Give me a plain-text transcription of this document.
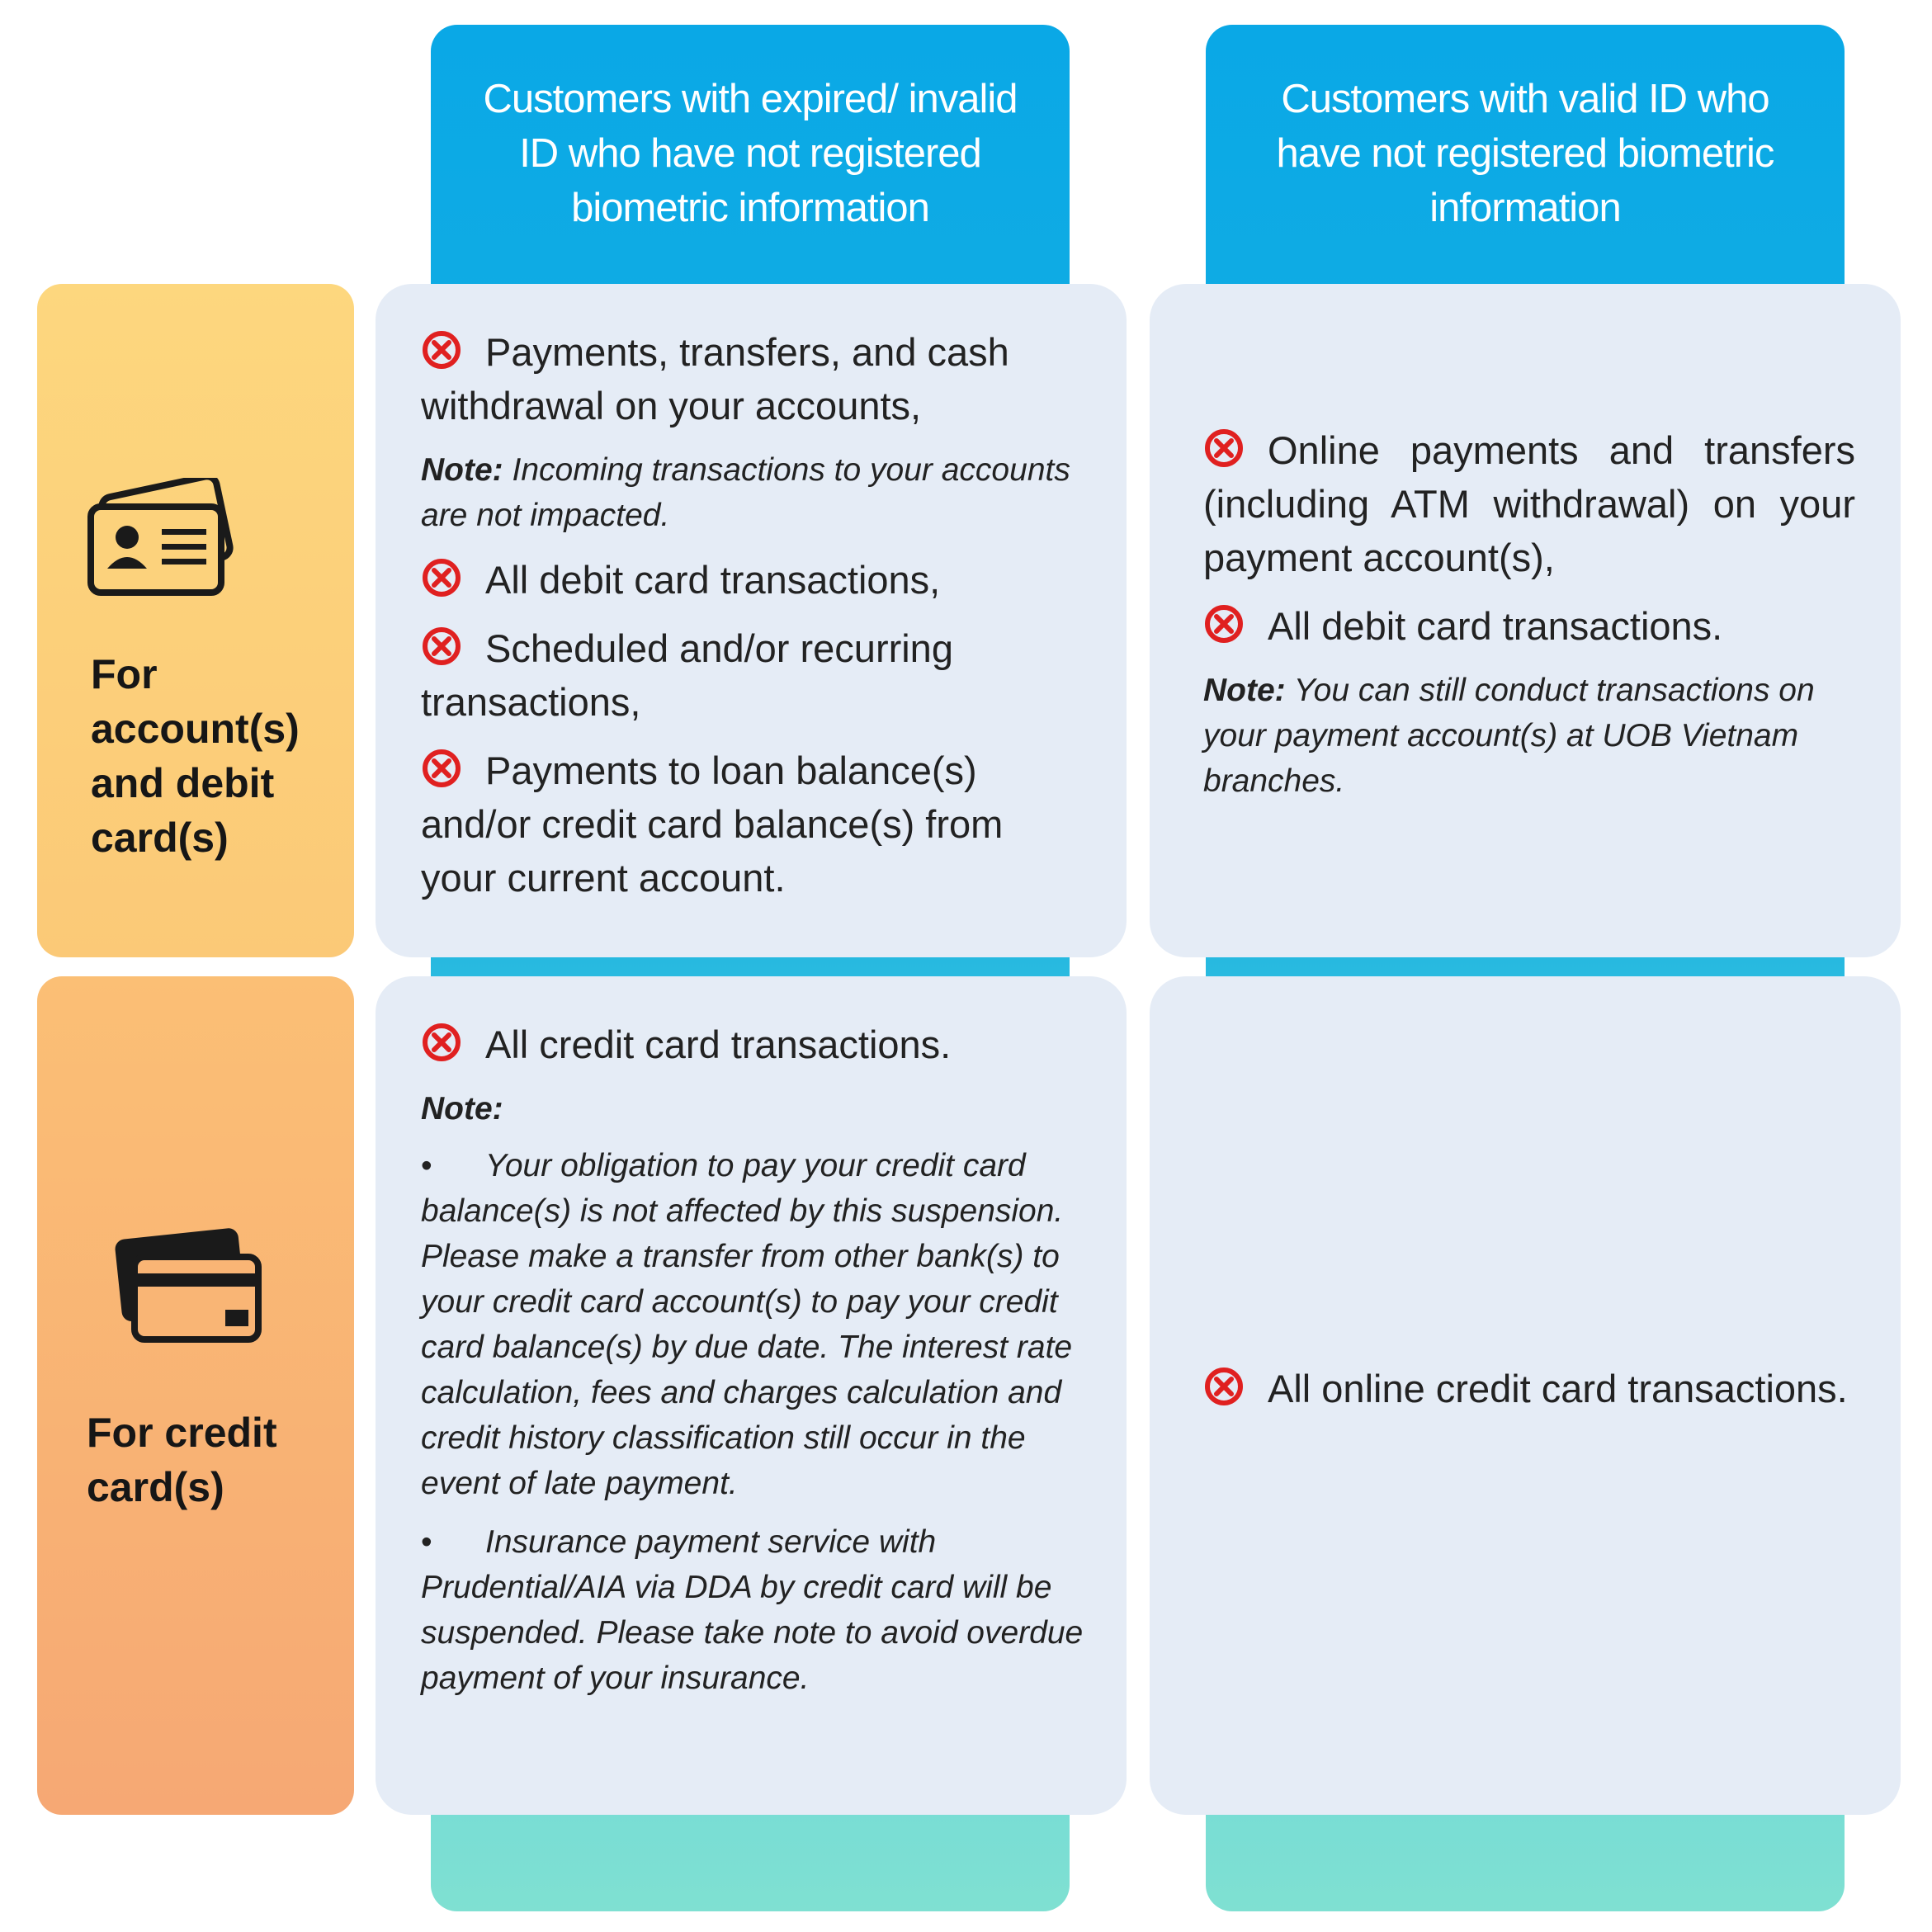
Customers with expired/ invalid ID who have not registered biometric information
Customers with valid ID who have not registered biometric information
For account(s) and debit card(s)
For credit card(s)
Payments, transfers, and cash withdrawal on your accounts,
Note: Incoming transactions to your accounts are not impacted.
All debit card transactions,
Scheduled and/or recurring transactions,
Payments to loan balance(s) and/or credit card balance(s) from your current account.
Online payments and transfers (including ATM withdrawal) on your payment account(s),
All debit card transactions.
Note: You can still conduct transactions on your payment account(s) at UOB Vietnam branches.
All credit card transactions.
Note:
• Your obligation to pay your credit card balance(s) is not affected by this suspension. Please make a transfer from other bank(s) to your credit card account(s) to pay your credit card balance(s) by due date. The interest rate calculation, fees and charges calculation and credit history classification still occur in the event of late payment.
• Insurance payment service with Prudential/AIA via DDA by credit card will be suspended. Please take note to avoid overdue payment of your insurance.
All online credit card transactions.
